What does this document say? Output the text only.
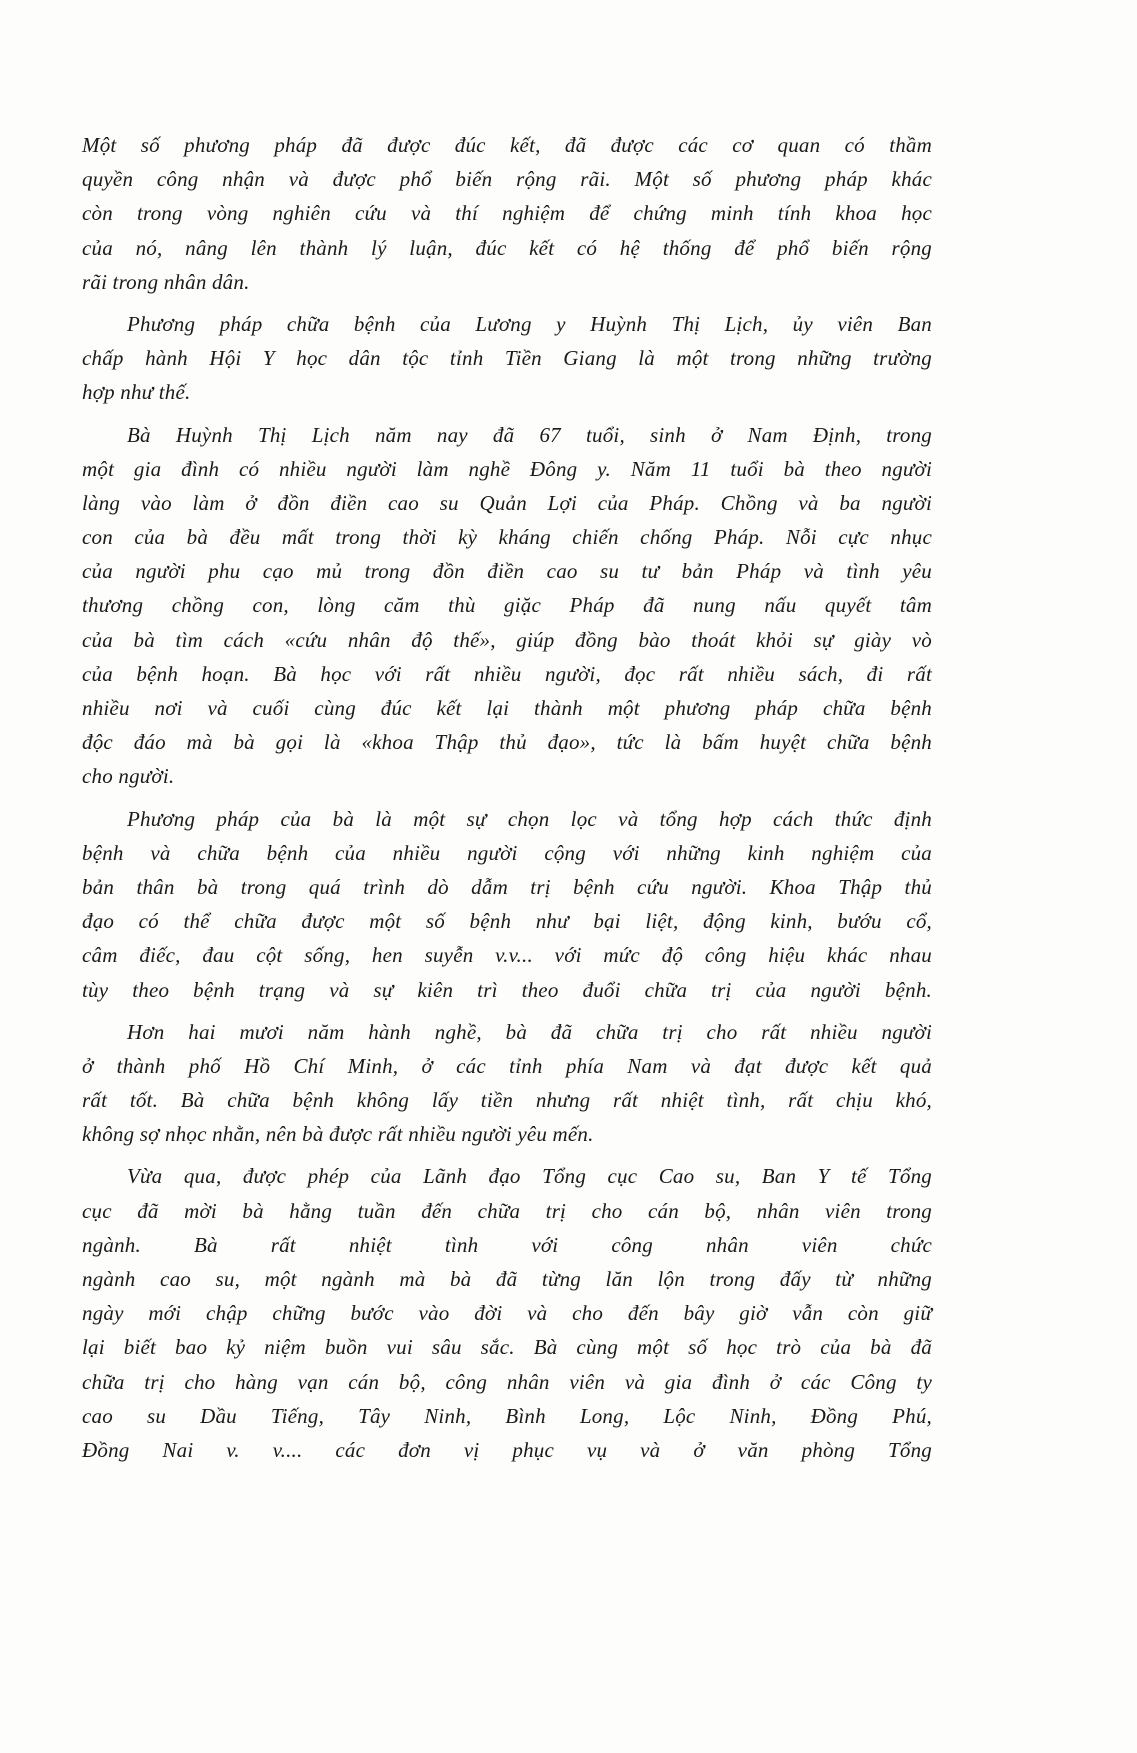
Một số phương pháp đã được đúc kết, đã được các cơ quan có thầm
quyền công nhận và được phổ biến rộng rãi. Một số phương pháp khác
còn trong vòng nghiên cứu và thí nghiệm để chứng minh tính khoa học
của nó, nâng lên thành lý luận, đúc kết có hệ thống để phổ biến rộng
rãi trong nhân dân.
Phương pháp chữa bệnh của Lương y Huỳnh Thị Lịch, ủy viên Ban
chấp hành Hội Y học dân tộc tỉnh Tiền Giang là một trong những trường
hợp như thế.
Bà Huỳnh Thị Lịch năm nay đã 67 tuổi, sinh ở Nam Định, trong
một gia đình có nhiều người làm nghề Đông y. Năm 11 tuổi bà theo người
làng vào làm ở đồn điền cao su Quản Lợi của Pháp. Chồng và ba người
con của bà đều mất trong thời kỳ kháng chiến chống Pháp. Nỗi cực nhục
của người phu cạo mủ trong đồn điền cao su tư bản Pháp và tình yêu
thương chồng con, lòng căm thù giặc Pháp đã nung nấu quyết tâm
của bà tìm cách «cứu nhân độ thế», giúp đồng bào thoát khỏi sự giày vò
của bệnh hoạn. Bà học với rất nhiều người, đọc rất nhiều sách, đi rất
nhiều nơi và cuối cùng đúc kết lại thành một phương pháp chữa bệnh
độc đáo mà bà gọi là «khoa Thập thủ đạo», tức là bấm huyệt chữa bệnh
cho người.
Phương pháp của bà là một sự chọn lọc và tổng hợp cách thức định
bệnh và chữa bệnh của nhiều người cộng với những kinh nghiệm của
bản thân bà trong quá trình dò dẫm trị bệnh cứu người. Khoa Thập thủ
đạo có thể chữa được một số bệnh như bại liệt, động kinh, bướu cổ,
câm điếc, đau cột sống, hen suyễn v.v... với mức độ công hiệu khác nhau
tùy theo bệnh trạng và sự kiên trì theo đuổi chữa trị của người bệnh.
Hơn hai mươi năm hành nghề, bà đã chữa trị cho rất nhiều người
ở thành phố Hồ Chí Minh, ở các tỉnh phía Nam và đạt được kết quả
rất tốt. Bà chữa bệnh không lấy tiền nhưng rất nhiệt tình, rất chịu khó,
không sợ nhọc nhằn, nên bà được rất nhiều người yêu mến.
Vừa qua, được phép của Lãnh đạo Tổng cục Cao su, Ban Y tế Tổng
cục đã mời bà hằng tuần đến chữa trị cho cán bộ, nhân viên trong
ngành. Bà rất nhiệt tình với công nhân viên chức
ngành cao su, một ngành mà bà đã từng lăn lộn trong đấy từ những
ngày mới chập chững bước vào đời và cho đến bây giờ vẫn còn giữ
lại biết bao kỷ niệm buồn vui sâu sắc. Bà cùng một số học trò của bà đã
chữa trị cho hàng vạn cán bộ, công nhân viên và gia đình ở các Công ty
cao su Dầu Tiếng, Tây Ninh, Bình Long, Lộc Ninh, Đồng Phú,
Đồng Nai v. v.... các đơn vị phục vụ và ở văn phòng Tổng
